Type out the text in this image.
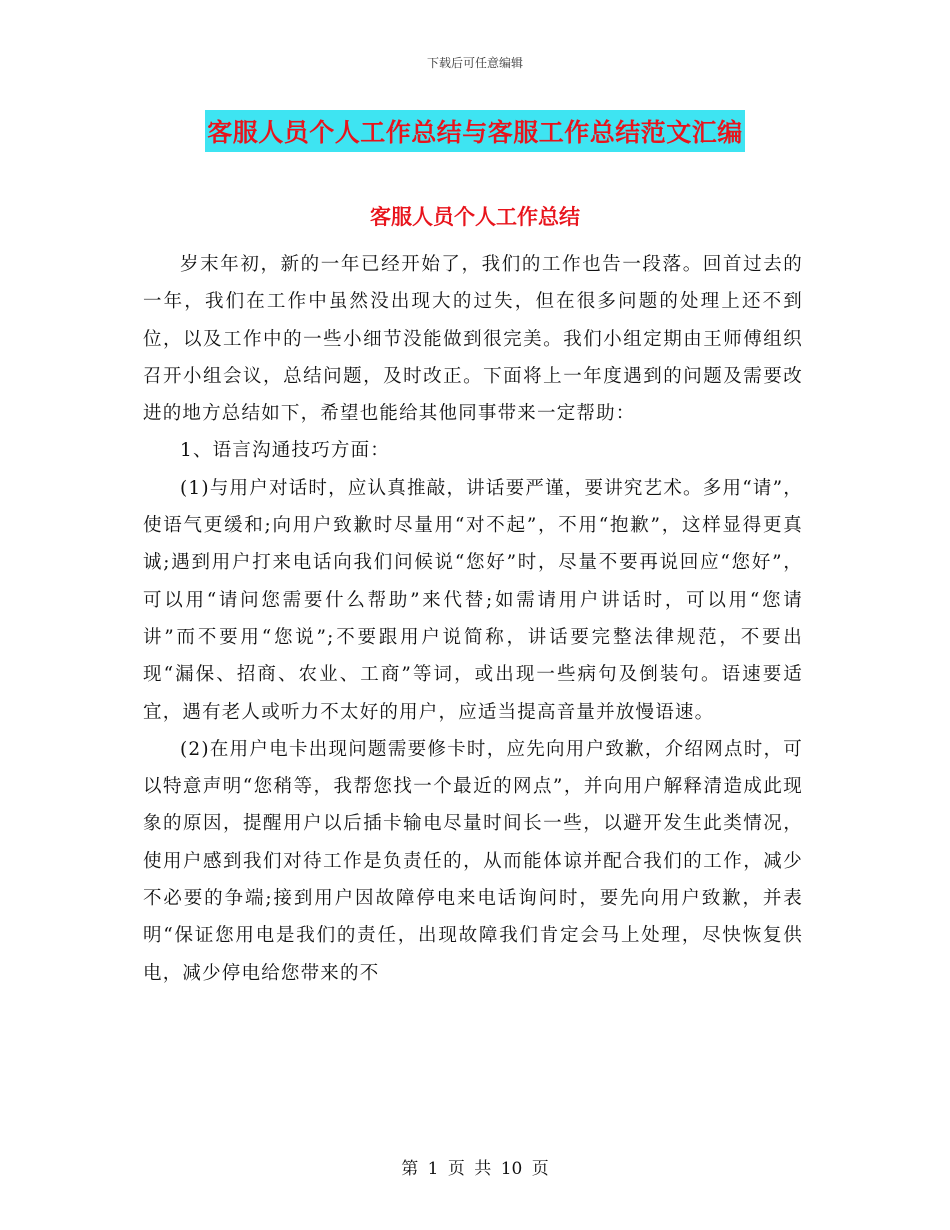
下载后可任意编辑
客服人员个人工作总结与客服工作总结范文汇编
客服人员个人工作总结

岁末年初，新的一年已经开始了，我们的工作也告一段落。回首过去的一年，我们在工作中虽然没出现大的过失，但在很多问题的处理上还不到位，以及工作中的一些小细节没能做到很完美。我们小组定期由王师傅组织召开小组会议，总结问题，及时改正。下面将上一年度遇到的问题及需要改进的地方总结如下，希望也能给其他同事带来一定帮助：

1、语言沟通技巧方面：

(1)与用户对话时，应认真推敲，讲话要严谨，要讲究艺术。多用“请”，使语气更缓和;向用户致歉时尽量用“对不起”，不用“抱歉”，这样显得更真诚;遇到用户打来电话向我们问候说“您好”时，尽量不要再说回应“您好”，可以用“请问您需要什么帮助”来代替;如需请用户讲话时，可以用“您请讲”而不要用“您说”;不要跟用户说简称，讲话要完整法律规范，不要出现“漏保、招商、农业、工商”等词，或出现一些病句及倒装句。语速要适宜，遇有老人或听力不太好的用户，应适当提高音量并放慢语速。

(2)在用户电卡出现问题需要修卡时，应先向用户致歉，介绍网点时，可以特意声明“您稍等，我帮您找一个最近的网点”，并向用户解释清造成此现象的原因，提醒用户以后插卡输电尽量时间长一些，以避开发生此类情况，使用户感到我们对待工作是负责任的，从而能体谅并配合我们的工作，减少不必要的争端;接到用户因故障停电来电话询问时，要先向用户致歉，并表明“保证您用电是我们的责任，出现故障我们肯定会马上处理，尽快恢复供电，减少停电给您带来的不

第 1 页 共 10 页
